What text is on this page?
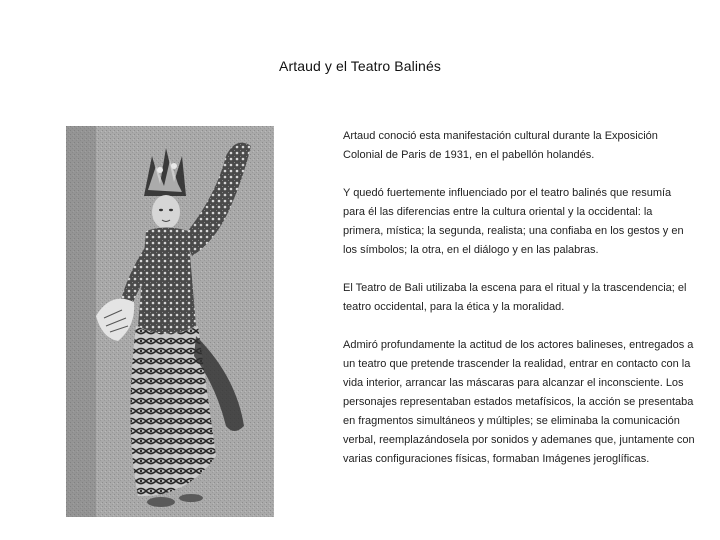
Artaud y el Teatro Balinés

Artaud conoció esta manifestación cultural durante la Exposición Colonial de Paris de 1931, en el pabellón holandés.

Y quedó fuertemente influenciado por el teatro balinés que resumía para él las diferencias entre la cultura oriental y la occidental: la primera, mística; la segunda, realista; una confiaba en los gestos y en los símbolos; la otra, en el diálogo y en las palabras.

El Teatro de Bali utilizaba la escena para el ritual y la trascendencia; el teatro occidental, para la ética y la moralidad.

Admiró profundamente la actitud de los actores balineses, entregados a un teatro que pretende trascender la realidad, entrar en contacto con la vida interior, arrancar las máscaras para alcanzar el inconsciente. Los personajes representaban estados metafísicos, la acción se presentaba en fragmentos simultáneos y múltiples; se eliminaba la comunicación verbal, reemplazándosela por sonidos y ademanes que, juntamente con varias configuraciones físicas, formaban Imágenes jeroglíficas.
